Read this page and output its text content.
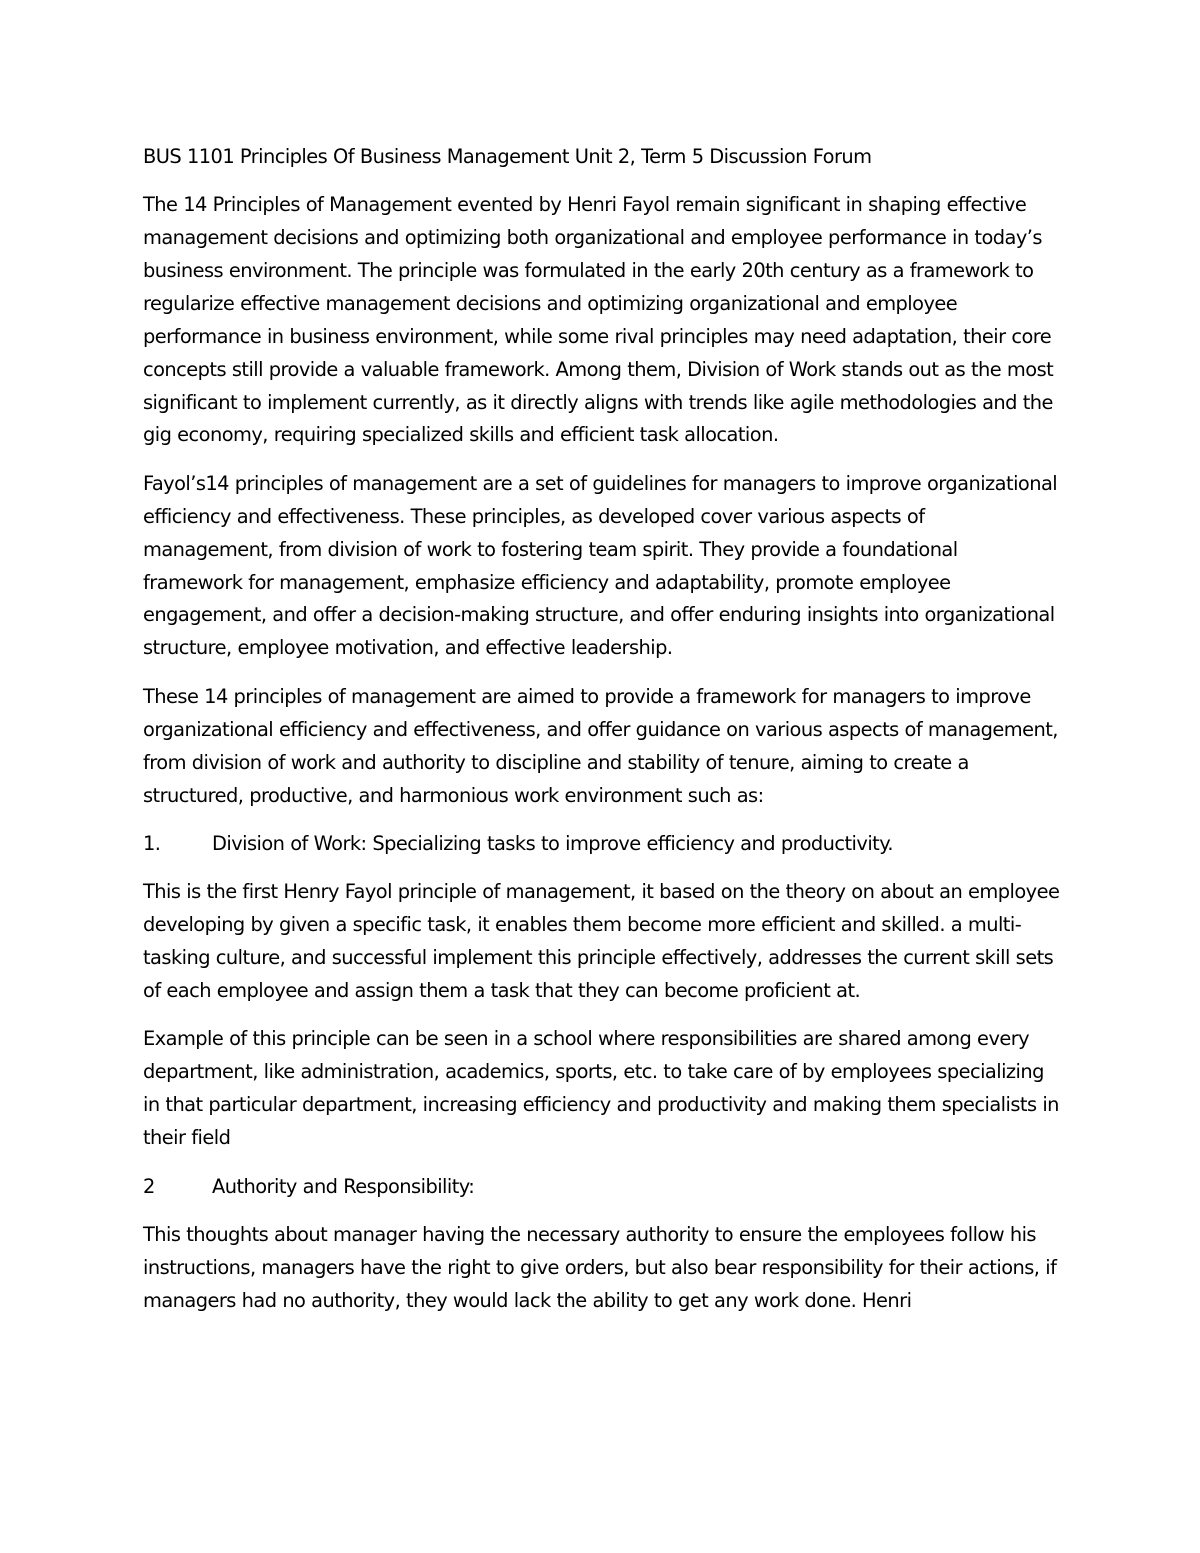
BUS 1101 Principles Of Business Management Unit 2, Term 5 Discussion Forum

The 14 Principles of Management evented by Henri Fayol remain significant in shaping effective management decisions and optimizing both organizational and employee performance in today’s business environment. The principle was formulated in the early 20th century as a framework to regularize effective management decisions and optimizing organizational and employee performance in business environment, while some rival principles may need adaptation, their core concepts still provide a valuable framework. Among them, Division of Work stands out as the most significant to implement currently, as it directly aligns with trends like agile methodologies and the gig economy, requiring specialized skills and efficient task allocation.

Fayol’s14 principles of management are a set of guidelines for managers to improve organizational efficiency and effectiveness. These principles, as developed cover various aspects of management, from division of work to fostering team spirit. They provide a foundational framework for management, emphasize efficiency and adaptability, promote employee engagement, and offer a decision-making structure, and offer enduring insights into organizational structure, employee motivation, and effective leadership.

These 14 principles of management are aimed to provide a framework for managers to improve organizational efficiency and effectiveness, and offer guidance on various aspects of management, from division of work and authority to discipline and stability of tenure, aiming to create a structured, productive, and harmonious work environment such as:

1.	Division of Work: Specializing tasks to improve efficiency and productivity.

This is the first Henry Fayol principle of management, it based on the theory on about an employee developing by given a specific task, it enables them become more efficient and skilled. a multi-tasking culture, and successful implement this principle effectively, addresses the current skill sets of each employee and assign them a task that they can become proficient at.

Example of this principle can be seen in a school where responsibilities are shared among every department, like administration, academics, sports, etc. to take care of by employees specializing in that particular department, increasing efficiency and productivity and making them specialists in their field

2	Authority and Responsibility:

This thoughts about manager having the necessary authority to ensure the employees follow his instructions, managers have the right to give orders, but also bear responsibility for their actions, if managers had no authority, they would lack the ability to get any work done. Henri
